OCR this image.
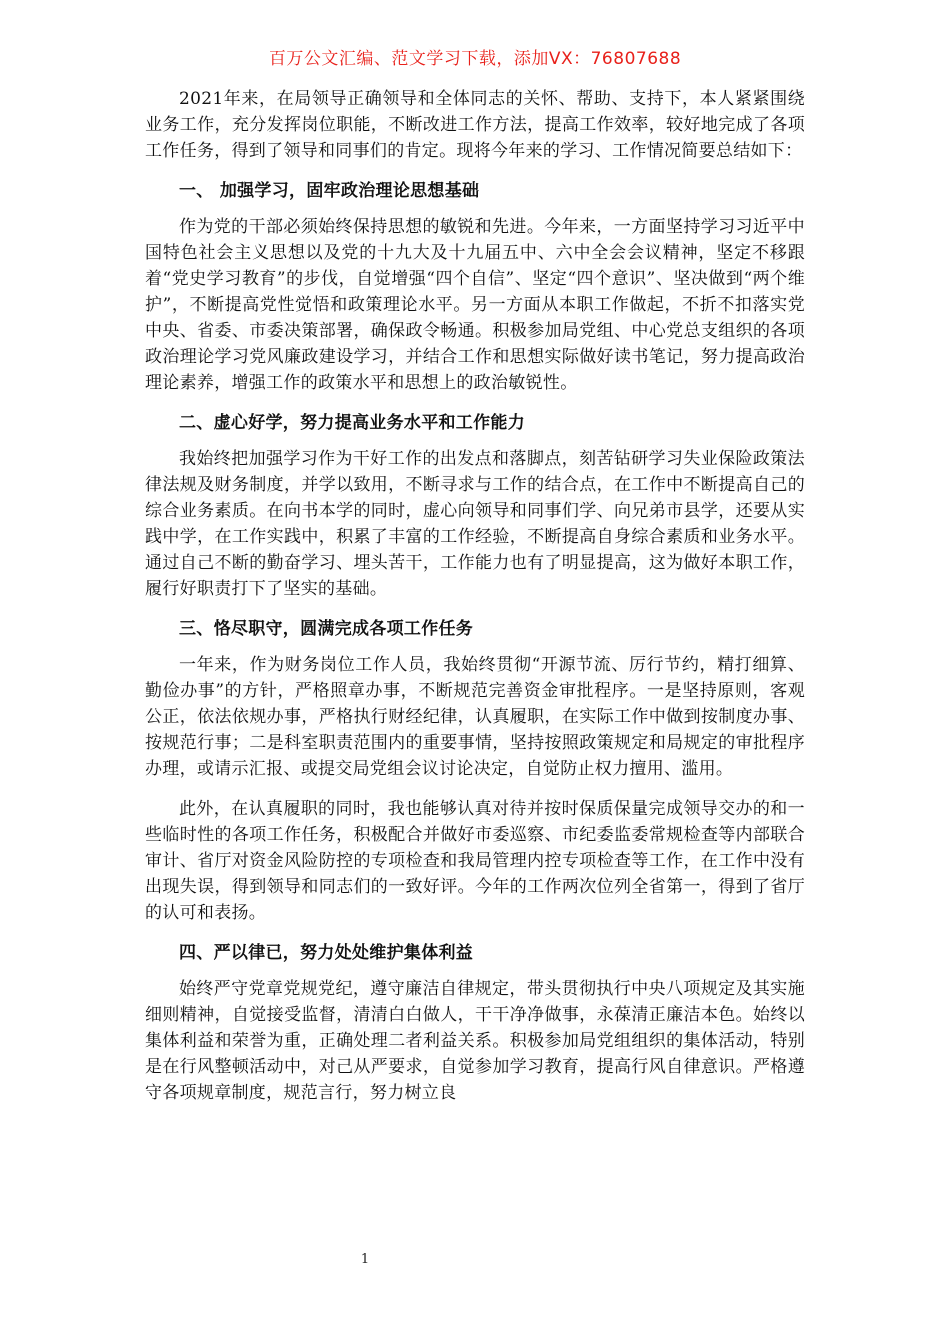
百万公文汇编、范文学习下载，添加VX：76807688

2021年来，在局领导正确领导和全体同志的关怀、帮助、支持下，本人紧紧围绕业务工作，充分发挥岗位职能，不断改进工作方法，提高工作效率，较好地完成了各项工作任务，得到了领导和同事们的肯定。现将今年来的学习、工作情况简要总结如下：

一、 加强学习，固牢政治理论思想基础

作为党的干部必须始终保持思想的敏锐和先进。今年来，一方面坚持学习习近平中国特色社会主义思想以及党的十九大及十九届五中、六中全会会议精神，坚定不移跟着“党史学习教育”的步伐，自觉增强“四个自信”、坚定“四个意识”、坚决做到“两个维护”，不断提高党性觉悟和政策理论水平。另一方面从本职工作做起，不折不扣落实党中央、省委、市委决策部署，确保政令畅通。积极参加局党组、中心党总支组织的各项政治理论学习党风廉政建设学习，并结合工作和思想实际做好读书笔记，努力提高政治理论素养，增强工作的政策水平和思想上的政治敏锐性。

二、虚心好学，努力提高业务水平和工作能力

我始终把加强学习作为干好工作的出发点和落脚点，刻苦钻研学习失业保险政策法律法规及财务制度，并学以致用，不断寻求与工作的结合点，在工作中不断提高自己的综合业务素质。在向书本学的同时，虚心向领导和同事们学、向兄弟市县学，还要从实践中学，在工作实践中，积累了丰富的工作经验，不断提高自身综合素质和业务水平。通过自己不断的勤奋学习、埋头苦干，工作能力也有了明显提高，这为做好本职工作，履行好职责打下了坚实的基础。

三、恪尽职守，圆满完成各项工作任务

一年来，作为财务岗位工作人员，我始终贯彻“开源节流、厉行节约，精打细算、勤俭办事”的方针，严格照章办事，不断规范完善资金审批程序。一是坚持原则，客观公正，依法依规办事，严格执行财经纪律，认真履职，在实际工作中做到按制度办事、按规范行事；二是科室职责范围内的重要事情，坚持按照政策规定和局规定的审批程序办理，或请示汇报、或提交局党组会议讨论决定，自觉防止权力擅用、滥用。

此外，在认真履职的同时，我也能够认真对待并按时保质保量完成领导交办的和一些临时性的各项工作任务，积极配合并做好市委巡察、市纪委监委常规检查等内部联合审计、省厅对资金风险防控的专项检查和我局管理内控专项检查等工作，在工作中没有出现失误，得到领导和同志们的一致好评。今年的工作两次位列全省第一，得到了省厅的认可和表扬。

四、严以律已，努力处处维护集体利益

始终严守党章党规党纪，遵守廉洁自律规定，带头贯彻执行中央八项规定及其实施细则精神，自觉接受监督，清清白白做人，干干净净做事，永葆清正廉洁本色。始终以集体利益和荣誉为重，正确处理二者利益关系。积极参加局党组组织的集体活动，特别是在行风整顿活动中，对己从严要求，自觉参加学习教育，提高行风自律意识。严格遵守各项规章制度，规范言行，努力树立良

1
